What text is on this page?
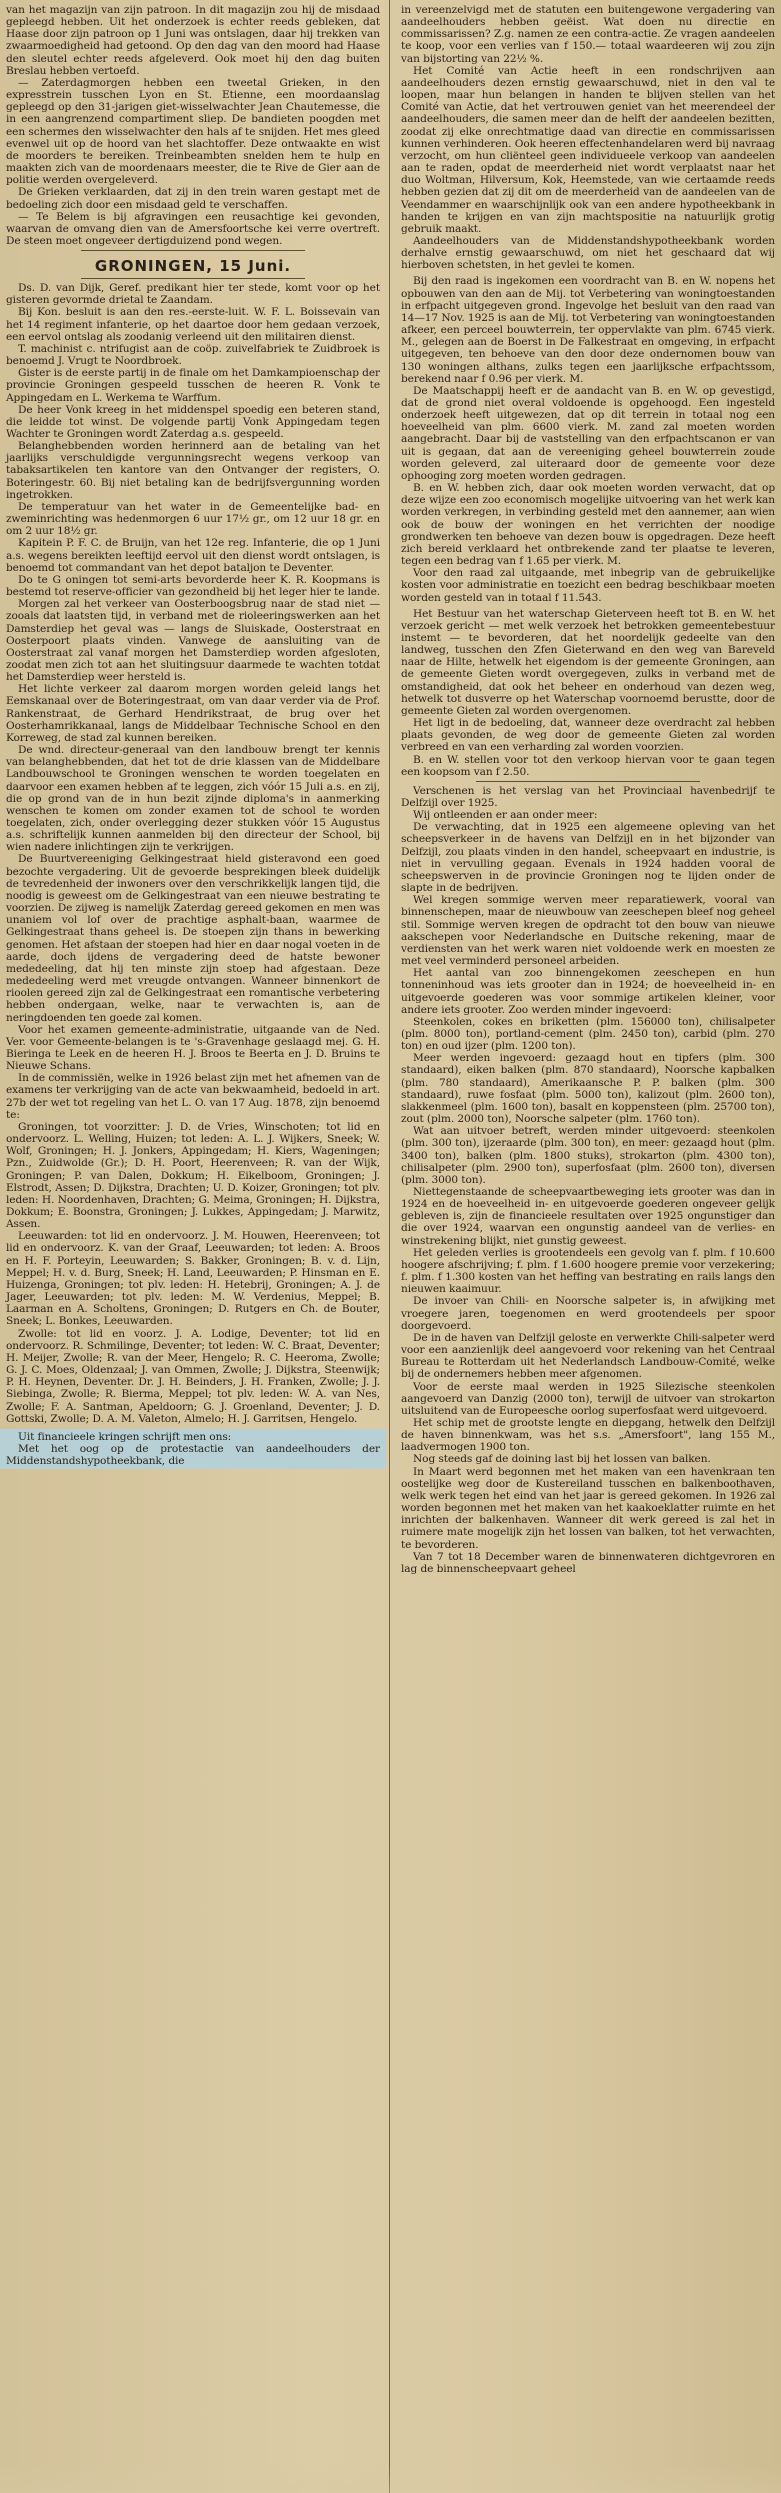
van het magazijn van zijn patroon. In dit magazijn zou hij de misdaad gepleegd hebben. Uit het onderzoek is echter reeds gebleken, dat Haase door zijn patroon op 1 Juni was ontslagen, daar hij trekken van zwaarmoedigheid had getoond. Op den dag van den moord had Haase den sleutel echter reeds afgeleverd. Ook moet hij den dag buiten Breslau hebben vertoefd.

— Zaterdagmorgen hebben een tweetal Grieken, in den expresstrein tusschen Lyon en St. Etienne, een moordaanslag gepleegd op den 31-jarigen giet-wisselwachter Jean Chautemesse, die in een aangrenzend compartiment sliep. De bandieten poogden met een schermes den wisselwachter den hals af te snijden. Het mes gleed evenwel uit op de hoord van het slachtoffer. Deze ontwaakte en wist de moorders te bereiken. Treinbeambten snelden hem te hulp en maakten zich van de moordenaars meester, die te Rive de Gier aan de politie werden overgeleverd.

De Grieken verklaarden, dat zij in den trein waren gestapt met de bedoeling zich door een misdaad geld te verschaffen.

— Te Belem is bij afgravingen een reusachtige kei gevonden, waarvan de omvang dien van de Amersfoortsche kei verre overtreft. De steen moet ongeveer dertigduizend pond wegen.

GRONINGEN, 15 Juni.

Ds. D. van Dijk, Geref. predikant hier ter stede, komt voor op het gisteren gevormde drietal te Zaandam.

Bij Kon. besluit is aan den res.-eerste-luit. W. F. L. Boissevain van het 14 regiment infanterie, op het daartoe door hem gedaan verzoek, een eervol ontslag als zoodanig verleend uit den militairen dienst.

T. machinist c. ntrifugist aan de coöp. zuivelfabriek te Zuidbroek is benoemd J. Vrugt te Noordbroek.

Gister is de eerste partij in de finale om het Damkampioenschap der provincie Groningen gespeeld tusschen de heeren R. Vonk te Appingedam en L. Werkema te Warffum.

De heer Vonk kreeg in het middenspel spoedig een beteren stand, die leidde tot winst. De volgende partij Vonk Appingedam tegen Wachter te Groningen wordt Zaterdag a.s. gespeeld.

Belanghebbenden worden herinnerd aan de betaling van het jaarlijks verschuldigde vergunningsrecht wegens verkoop van tabaksartikelen ten kantore van den Ontvanger der registers, O. Boteringestr. 60. Bij niet betaling kan de bedrijfsvergunning worden ingetrokken.

De temperatuur van het water in de Gemeentelijke bad- en zweminrichting was hedenmorgen 6 uur 17½ gr., om 12 uur 18 gr. en om 2 uur 18½ gr.

Kapitein P. F. C. de Bruijn, van het 12e reg. Infanterie, die op 1 Juni a.s. wegens bereikten leeftijd eervol uit den dienst wordt ontslagen, is benoemd tot commandant van het depot bataljon te Deventer.

Do te G oningen tot semi-arts bevorderde heer K. R. Koopmans is bestemd tot reserve-officier van gezondheid bij het leger hier te lande.

Morgen zal het verkeer van Oosterboogsbrug naar de stad niet — zooals dat laatsten tijd, in verband met de rioleeringswerken aan het Damsterdiep het geval was — langs de Sluiskade, Oosterstraat en Oosterpoort plaats vinden. Vanwege de aansluiting van de Oosterstraat zal vanaf morgen het Damsterdiep worden afgesloten, zoodat men zich tot aan het sluitingsuur daarmede te wachten totdat het Damsterdiep weer hersteld is.

Het lichte verkeer zal daarom morgen worden geleid langs het Eemskanaal over de Boteringestraat, om van daar verder via de Prof. Rankenstraat, de Gerhard Hendrikstraat, de brug over het Oosterhamrikkanaal, langs de Middelbaar Technische School en den Korreweg, de stad zal kunnen bereiken.

De wnd. directeur-generaal van den landbouw brengt ter kennis van belanghebbenden, dat het tot de drie klassen van de Middelbare Landbouwschool te Groningen wenschen te worden toegelaten en daarvoor een examen hebben af te leggen, zich vóór 15 Juli a.s. en zij, die op grond van de in hun bezit zijnde diploma's in aanmerking wenschen te komen om zonder examen tot de school te worden toegelaten, zich, onder overlegging dezer stukken vóór 15 Augustus a.s. schriftelijk kunnen aanmelden bij den directeur der School, bij wien nadere inlichtingen zijn te verkrijgen.

De Buurtvereeniging Gelkingestraat hield gisteravond een goed bezochte vergadering. Uit de gevoerde besprekingen bleek duidelijk de tevredenheid der inwoners over den verschrikkelijk langen tijd, die noodig is geweest om de Gelkingestraat van een nieuwe bestrating te voorzien. De zijweg is namelijk Zaterdag gereed gekomen en men was unaniem vol lof over de prachtige asphalt-baan, waarmee de Gelkingestraat thans geheel is. De stoepen zijn thans in bewerking genomen. Het afstaan der stoepen had hier en daar nogal voeten in de aarde, doch ijdens de vergadering deed de hatste bewoner mededeeling, dat hij ten minste zijn stoep had afgestaan. Deze mededeeling werd met vreugde ontvangen. Wanneer binnenkort de rioolen gereed zijn zal de Gelkingestraat een romantische verbetering hebben ondergaan, welke, naar te verwachten is, aan de neringdoenden ten goede zal komen.

Voor het examen gemeente-administratie, uitgaande van de Ned. Ver. voor Gemeente-belangen is te 's-Gravenhage geslaagd mej. G. H. Bieringa te Leek en de heeren H. J. Broos te Beerta en J. D. Bruins te Nieuwe Schans.

In de commissiën, welke in 1926 belast zijn met het afnemen van de examens ter verkrijging van de acte van bekwaamheid, bedoeld in art. 27b der wet tot regeling van het L. O. van 17 Aug. 1878, zijn benoemd te:

Groningen, tot voorzitter: J. D. de Vries, Winschoten; tot lid en ondervoorz. L. Welling, Huizen; tot leden: A. L. J. Wijkers, Sneek; W. Wolf, Groningen; H. J. Jonkers, Appingedam; H. Kiers, Wageningen; Pzn., Zuidwolde (Gr.); D. H. Poort, Heerenveen; R. van der Wijk, Groningen; P. van Dalen, Dokkum; H. Eikelboom, Groningen; J. Elstrodt, Assen; D. Dijkstra, Drachten; U. D. Koizer, Groningen; tot plv. leden: H. Noordenhaven, Drachten; G. Meima, Groningen; H. Dijkstra, Dokkum; E. Boonstra, Groningen; J. Lukkes, Appingedam; J. Marwitz, Assen.

Leeuwarden: tot lid en ondervoorz. J. M. Houwen, Heerenveen; tot lid en ondervoorz. K. van der Graaf, Leeuwarden; tot leden: A. Broos en H. F. Porteyin, Leeuwarden; S. Bakker, Groningen; B. v. d. Lijn, Meppel; H. v. d. Burg, Sneek; H. Land, Leeuwarden; P. Hinsman en E. Huizenga, Groningen; tot plv. leden: H. Hetebrij, Groningen; A. J. de Jager, Leeuwarden; tot plv. leden: M. W. Verdenius, Meppel; B. Laarman en A. Scholtens, Groningen; D. Rutgers en Ch. de Bouter, Sneek; L. Bonkes, Leeuwarden.

Zwolle: tot lid en voorz. J. A. Lodige, Deventer; tot lid en ondervoorz. R. Schmilinge, Deventer; tot leden: W. C. Braat, Deventer; H. Meijer, Zwolle; R. van der Meer, Hengelo; R. C. Heeroma, Zwolle; G. J. C. Moes, Oldenzaal; J. van Ommen, Zwolle; J. Dijkstra, Steenwijk; P. H. Heynen, Deventer. Dr. J. H. Beinders, J. H. Franken, Zwolle; J. J. Siebinga, Zwolle; R. Bierma, Meppel; tot plv. leden: W. A. van Nes, Zwolle; F. A. Santman, Apeldoorn; G. J. Groenland, Deventer; J. D. Gottski, Zwolle; D. A. M. Valeton, Almelo; H. J. Garritsen, Hengelo.

Uit financieele kringen schrijft men ons:

Met het oog op de protestactie van aandeelhouders der Middenstandshypotheekbank, die

in vereenzelvigd met de statuten een buitengewone vergadering van aandeelhouders hebben geëist. Wat doen nu directie en commissarissen? Z.g. namen ze een contra-actie. Ze vragen aandeelen te koop, voor een verlies van f 150.— totaal waardeeren wij zou zijn van bijstorting van 22½ %.

Het Comité van Actie heeft in een rondschrijven aan aandeelhouders dezen ernstig gewaarschuwd, niet in den val te loopen, maar hun belangen in handen te blijven stellen van het Comité van Actie, dat het vertrouwen geniet van het meerendeel der aandeelhouders, die samen meer dan de helft der aandeelen bezitten, zoodat zij elke onrechtmatige daad van directie en commissarissen kunnen verhinderen. Ook heeren effectenhandelaren werd bij navraag verzocht, om hun cliënteel geen individueele verkoop van aandeelen aan te raden, opdat de meerderheid niet wordt verplaatst naar het duo Woltman, Hilversum, Kok, Heemstede, van wie certaamde reeds hebben gezien dat zij dit om de meerderheid van de aandeelen van de Veendammer en waarschijnlijk ook van een andere hypotheekbank in handen te krijgen en van zijn machtspositie na natuurlijk grotig gebruik maakt.

Aandeelhouders van de Middenstandshypotheekbank worden derhalve ernstig gewaarschuwd, om niet het geschaard dat wij hierboven schetsten, in het gevlei te komen.

Bij den raad is ingekomen een voordracht van B. en W. nopens het opbouwen van den aan de Mij. tot Verbetering van woningtoestanden in erfpacht uitgegeven grond. Ingevolge het besluit van den raad van 14—17 Nov. 1925 is aan de Mij. tot Verbetering van woningtoestanden afkeer, een perceel bouwterrein, ter oppervlakte van plm. 6745 vierk. M., gelegen aan de Boerst in De Falkestraat en omgeving, in erfpacht uitgegeven, ten behoeve van den door deze ondernomen bouw van 130 woningen althans, zulks tegen een jaarlijksche erfpachtssom, berekend naar f 0.96 per vierk. M.

De Maatschappij heeft er de aandacht van B. en W. op gevestigd, dat de grond niet overal voldoende is opgehoogd. Een ingesteld onderzoek heeft uitgewezen, dat op dit terrein in totaal nog een hoeveelheid van plm. 6600 vierk. M. zand zal moeten worden aangebracht. Daar bij de vaststelling van den erfpachtscanon er van uit is gegaan, dat aan de vereeniging geheel bouwterrein zoude worden geleverd, zal uiteraard door de gemeente voor deze ophooging zorg moeten worden gedragen.

B. en W. hebben zich, daar ook moeten worden verwacht, dat op deze wijze een zoo economisch mogelijke uitvoering van het werk kan worden verkregen, in verbinding gesteld met den aannemer, aan wien ook de bouw der woningen en het verrichten der noodige grondwerken ten behoeve van dezen bouw is opgedragen. Deze heeft zich bereid verklaard het ontbrekende zand ter plaatse te leveren, tegen een bedrag van f 1.65 per vierk. M.

Voor den raad zal uitgaande, met inbegrip van de gebruikelijke kosten voor administratie en toezicht een bedrag beschikbaar moeten worden gesteld van in totaal f 11.543.

Het Bestuur van het waterschap Gieterveen heeft tot B. en W. het verzoek gericht — met welk verzoek het betrokken gemeentebestuur instemt — te bevorderen, dat het noordelijk gedeelte van den landweg, tusschen den Zfen Gieterwand en den weg van Bareveld naar de Hilte, hetwelk het eigendom is der gemeente Groningen, aan de gemeente Gieten wordt overgegeven, zulks in verband met de omstandigheid, dat ook het beheer en onderhoud van dezen weg, hetwelk tot dusverre op het Waterschap voornoemd berustte, door de gemeente Gieten zal worden overgenomen.

Het ligt in de bedoeling, dat, wanneer deze overdracht zal hebben plaats gevonden, de weg door de gemeente Gieten zal worden verbreed en van een verharding zal worden voorzien.

B. en W. stellen voor tot den verkoop hiervan voor te gaan tegen een koopsom van f 2.50.

Verschenen is het verslag van het Provinciaal havenbedrijf te Delfzijl over 1925.

Wij ontleenden er aan onder meer:

De verwachting, dat in 1925 een algemeene opleving van het scheepsverkeer in de havens van Delfzijl en in het bijzonder van Delfzijl, zou plaats vinden in den handel, scheepvaart en industrie, is niet in vervulling gegaan. Evenals in 1924 hadden vooral de scheepswerven in de provincie Groningen nog te lijden onder de slapte in de bedrijven.

Wel kregen sommige werven meer reparatiewerk, vooral van binnenschepen, maar de nieuwbouw van zeeschepen bleef nog geheel stil. Sommige werven kregen de opdracht tot den bouw van nieuwe aakschepen voor Nederlandsche en Duitsche rekening, maar de verdiensten van het werk waren niet voldoende werk en moesten ze met veel verminderd personeel arbeiden.

Het aantal van zoo binnengekomen zeeschepen en hun tonneninhoud was iets grooter dan in 1924; de hoeveelheid in- en uitgevoerde goederen was voor sommige artikelen kleiner, voor andere iets grooter. Zoo werden minder ingevoerd:

Steenkolen, cokes en briketten (plm. 156000 ton), chilisalpeter (plm. 8000 ton), portland-cement (plm. 2450 ton), carbid (plm. 270 ton) en oud ijzer (plm. 1200 ton).

Meer werden ingevoerd: gezaagd hout en tipfers (plm. 300 standaard), eiken balken (plm. 870 standaard), Noorsche kapbalken (plm. 780 standaard), Amerikaansche P. P. balken (plm. 300 standaard), ruwe fosfaat (plm. 5000 ton), kalizout (plm. 2600 ton), slakkenmeel (plm. 1600 ton), basalt en koppensteen (plm. 25700 ton), zout (plm. 2000 ton), Noorsche salpeter (plm. 1760 ton).

Wat aan uitvoer betreft, werden minder uitgevoerd: steenkolen (plm. 300 ton), ijzeraarde (plm. 300 ton), en meer: gezaagd hout (plm. 3400 ton), balken (plm. 1800 stuks), strokarton (plm. 4300 ton), chilisalpeter (plm. 2900 ton), superfosfaat (plm. 2600 ton), diversen (plm. 3000 ton).

Niettegenstaande de scheepvaartbeweging iets grooter was dan in 1924 en de hoeveelheid in- en uitgevoerde goederen ongeveer gelijk gebleven is, zijn de financieele resultaten over 1925 ongunstiger dan die over 1924, waarvan een ongunstig aandeel van de verlies- en winstrekening blijkt, niet gunstig geweest.

Het geleden verlies is grootendeels een gevolg van f. plm. f 10.600 hoogere afschrijving; f. plm. f 1.600 hoogere premie voor verzekering; f. plm. f 1.300 kosten van het heffing van bestrating en rails langs den nieuwen kaaimuur.

De invoer van Chili- en Noorsche salpeter is, in afwijking met vroegere jaren, toegenomen en werd grootendeels per spoor doorgevoerd.

De in de haven van Delfzijl geloste en verwerkte Chili-salpeter werd voor een aanzienlijk deel aangevoerd voor rekening van het Centraal Bureau te Rotterdam uit het Nederlandsch Landbouw-Comité, welke bij de ondernemers hebben meer afgenomen.

Voor de eerste maal werden in 1925 Silezische steenkolen aangevoerd van Danzig (2000 ton), terwijl de uitvoer van strokarton uitsluitend van de Europeesche oorlog superfosfaat werd uitgevoerd.

Het schip met de grootste lengte en diepgang, hetwelk den Delfzijl de haven binnenkwam, was het s.s. „Amersfoort", lang 155 M., laadvermogen 1900 ton.

Nog steeds gaf de doining last bij het lossen van balken.

In Maart werd begonnen met het maken van een havenkraan ten oostelijke weg door de Kustereiland tusschen en balkenboothaven, welk werk tegen het eind van het jaar is gereed gekomen. In 1926 zal worden begonnen met het maken van het kaakoeklatter ruimte en het inrichten der balkenhaven. Wanneer dit werk gereed is zal het in ruimere mate mogelijk zijn het lossen van balken, tot het verwachten, te bevorderen.

Van 7 tot 18 December waren de binnenwateren dichtgevroren en lag de binnenscheepvaart geheel
